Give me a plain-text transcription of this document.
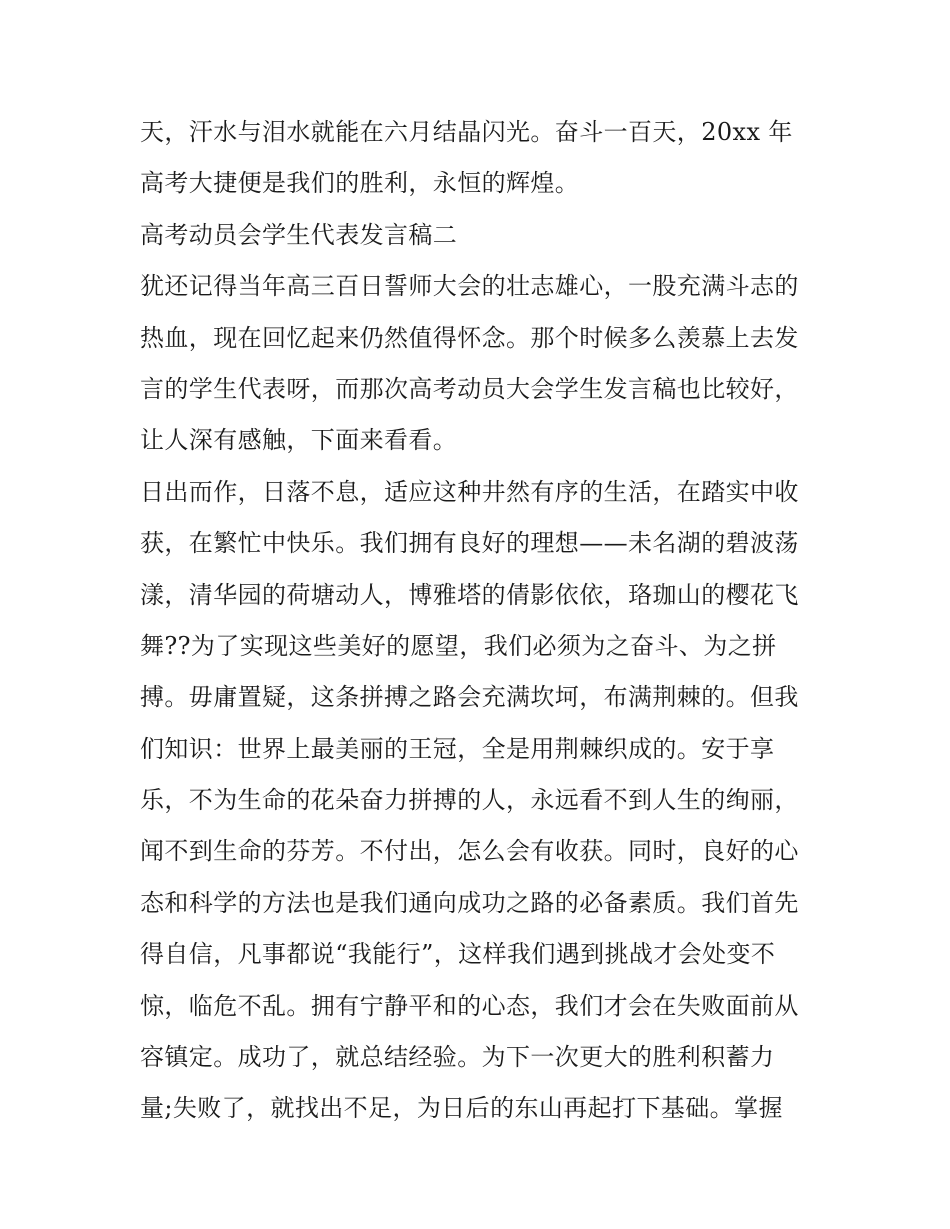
天，汗水与泪水就能在六月结晶闪光。奋斗一百天，20xx 年
高考大捷便是我们的胜利，永恒的辉煌。
高考动员会学生代表发言稿二
犹还记得当年高三百日誓师大会的壮志雄心，一股充满斗志的
热血，现在回忆起来仍然值得怀念。那个时候多么羡慕上去发
言的学生代表呀，而那次高考动员大会学生发言稿也比较好，
让人深有感触，下面来看看。
日出而作，日落不息，适应这种井然有序的生活，在踏实中收
获，在繁忙中快乐。我们拥有良好的理想——未名湖的碧波荡
漾，清华园的荷塘动人，博雅塔的倩影依依，珞珈山的樱花飞
舞??为了实现这些美好的愿望，我们必须为之奋斗、为之拼
搏。毋庸置疑，这条拼搏之路会充满坎坷，布满荆棘的。但我
们知识：世界上最美丽的王冠，全是用荆棘织成的。安于享
乐，不为生命的花朵奋力拼搏的人，永远看不到人生的绚丽，
闻不到生命的芬芳。不付出，怎么会有收获。同时，良好的心
态和科学的方法也是我们通向成功之路的必备素质。我们首先
得自信，凡事都说“我能行”，这样我们遇到挑战才会处变不
惊，临危不乱。拥有宁静平和的心态，我们才会在失败面前从
容镇定。成功了，就总结经验。为下一次更大的胜利积蓄力
量;失败了，就找出不足，为日后的东山再起打下基础。掌握
